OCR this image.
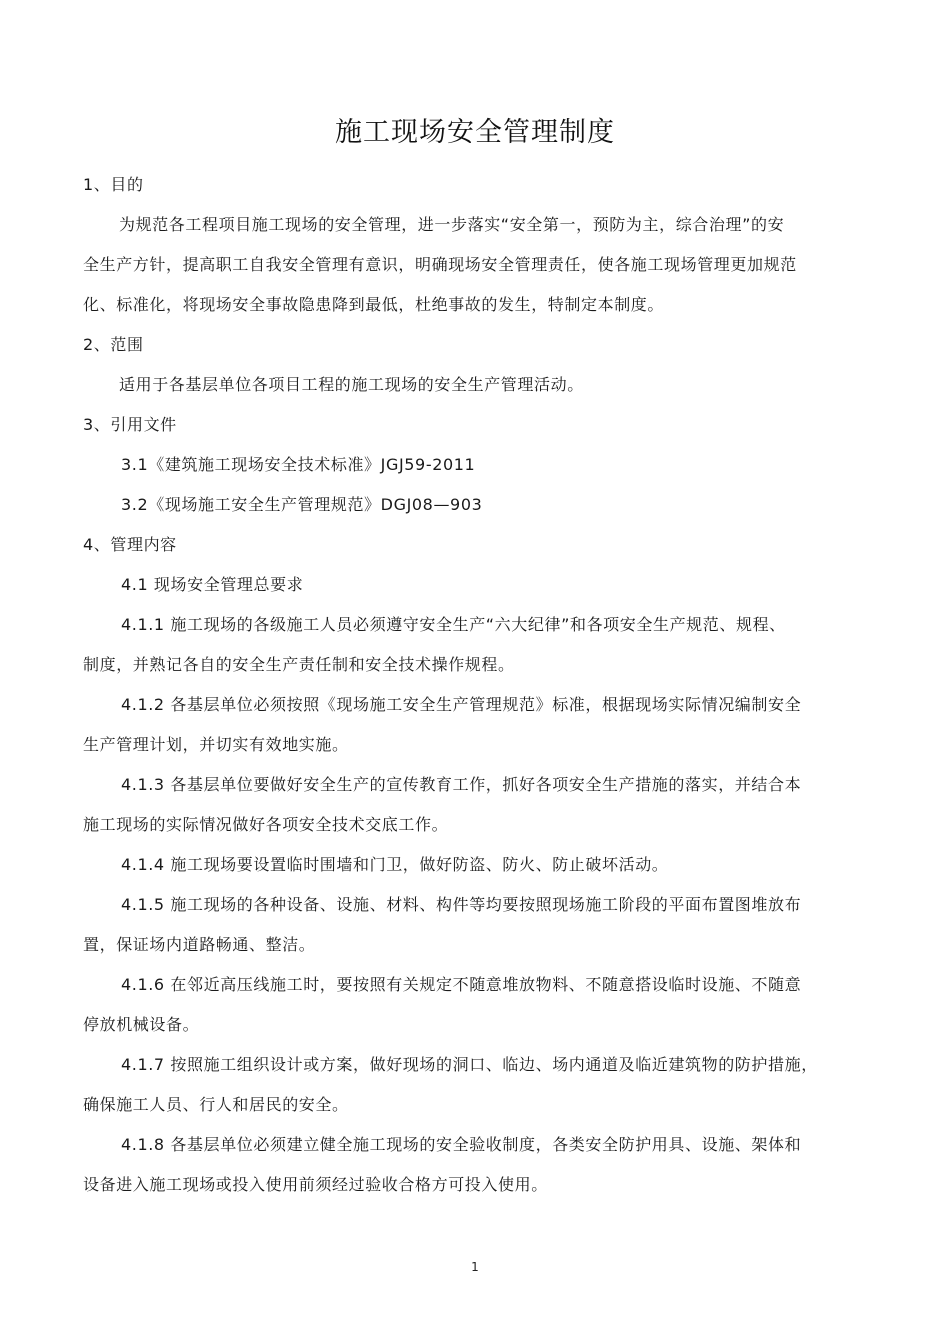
施工现场安全管理制度
1、目的
为规范各工程项目施工现场的安全管理，进一步落实“安全第一，预防为主，综合治理”的安
全生产方针，提高职工自我安全管理有意识，明确现场安全管理责任，使各施工现场管理更加规范
化、标准化，将现场安全事故隐患降到最低，杜绝事故的发生，特制定本制度。
2、范围
适用于各基层单位各项目工程的施工现场的安全生产管理活动。
3、引用文件
3.1《建筑施工现场安全技术标准》JGJ59-2011
3.2《现场施工安全生产管理规范》DGJ08—903
4、管理内容
4.1 现场安全管理总要求
4.1.1 施工现场的各级施工人员必须遵守安全生产“六大纪律”和各项安全生产规范、规程、
制度，并熟记各自的安全生产责任制和安全技术操作规程。
4.1.2 各基层单位必须按照《现场施工安全生产管理规范》标准，根据现场实际情况编制安全
生产管理计划，并切实有效地实施。
4.1.3 各基层单位要做好安全生产的宣传教育工作，抓好各项安全生产措施的落实，并结合本
施工现场的实际情况做好各项安全技术交底工作。
4.1.4 施工现场要设置临时围墙和门卫，做好防盗、防火、防止破坏活动。
4.1.5 施工现场的各种设备、设施、材料、构件等均要按照现场施工阶段的平面布置图堆放布
置，保证场内道路畅通、整洁。
4.1.6 在邻近高压线施工时，要按照有关规定不随意堆放物料、不随意搭设临时设施、不随意
停放机械设备。
4.1.7 按照施工组织设计或方案，做好现场的洞口、临边、场内通道及临近建筑物的防护措施，
确保施工人员、行人和居民的安全。
4.1.8 各基层单位必须建立健全施工现场的安全验收制度，各类安全防护用具、设施、架体和
设备进入施工现场或投入使用前须经过验收合格方可投入使用。
1
